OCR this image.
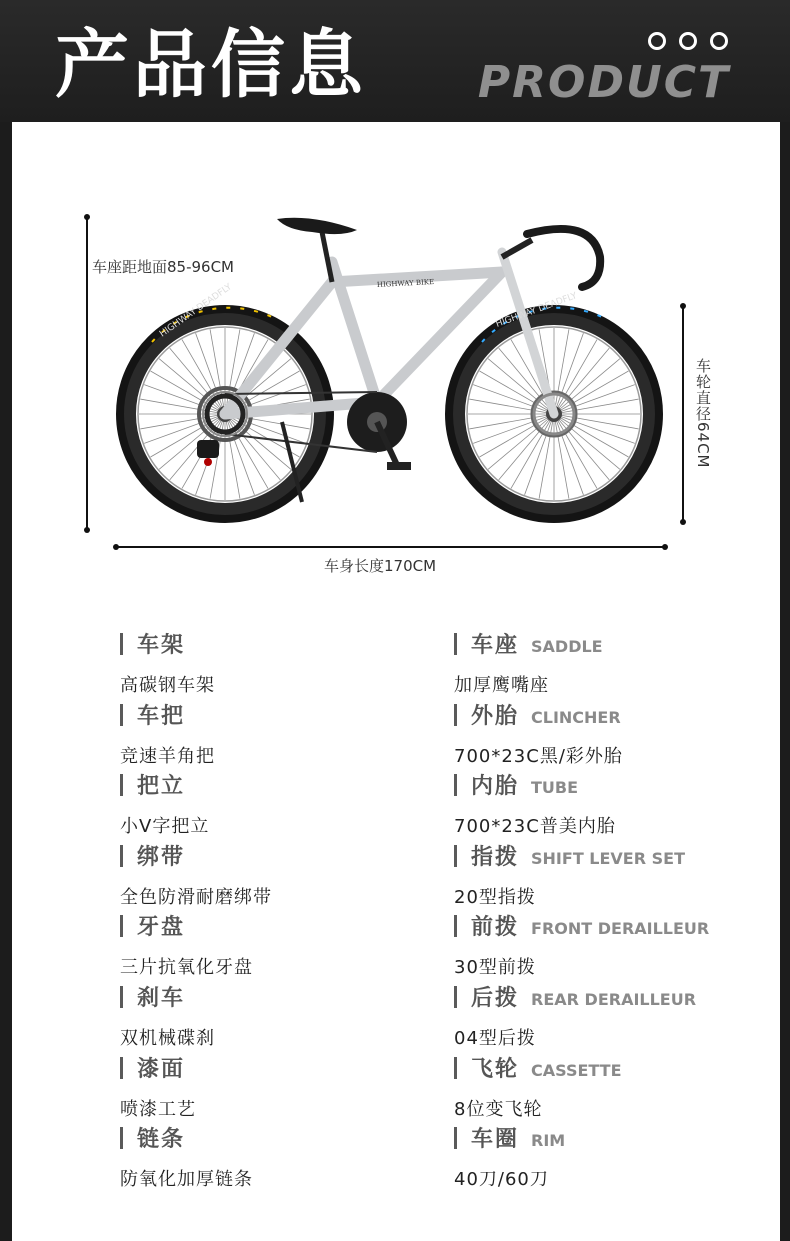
产品信息	PRODUCT
HIGHWAY BIKE
HIGHWAY DEADFLY	HIGHWAY DEADFLY
车座距地面85-96CM
车轮直径64CM
车身长度170CM
车架
高碳钢车架
车把
竞速羊角把
把立
小V字把立
绑带
全色防滑耐磨绑带
牙盘
三片抗氧化牙盘
刹车
双机械碟刹
漆面
喷漆工艺
链条
防氧化加厚链条
车座 SADDLE
加厚鹰嘴座
外胎 CLINCHER
700*23C黑/彩外胎
内胎 TUBE
700*23C普美内胎
指拨 SHIFT LEVER SET
20型指拨
前拨 FRONT DERAILLEUR
30型前拨
后拨 REAR DERAILLEUR
04型后拨
飞轮 CASSETTE
8位变飞轮
车圈 RIM
40刀/60刀
